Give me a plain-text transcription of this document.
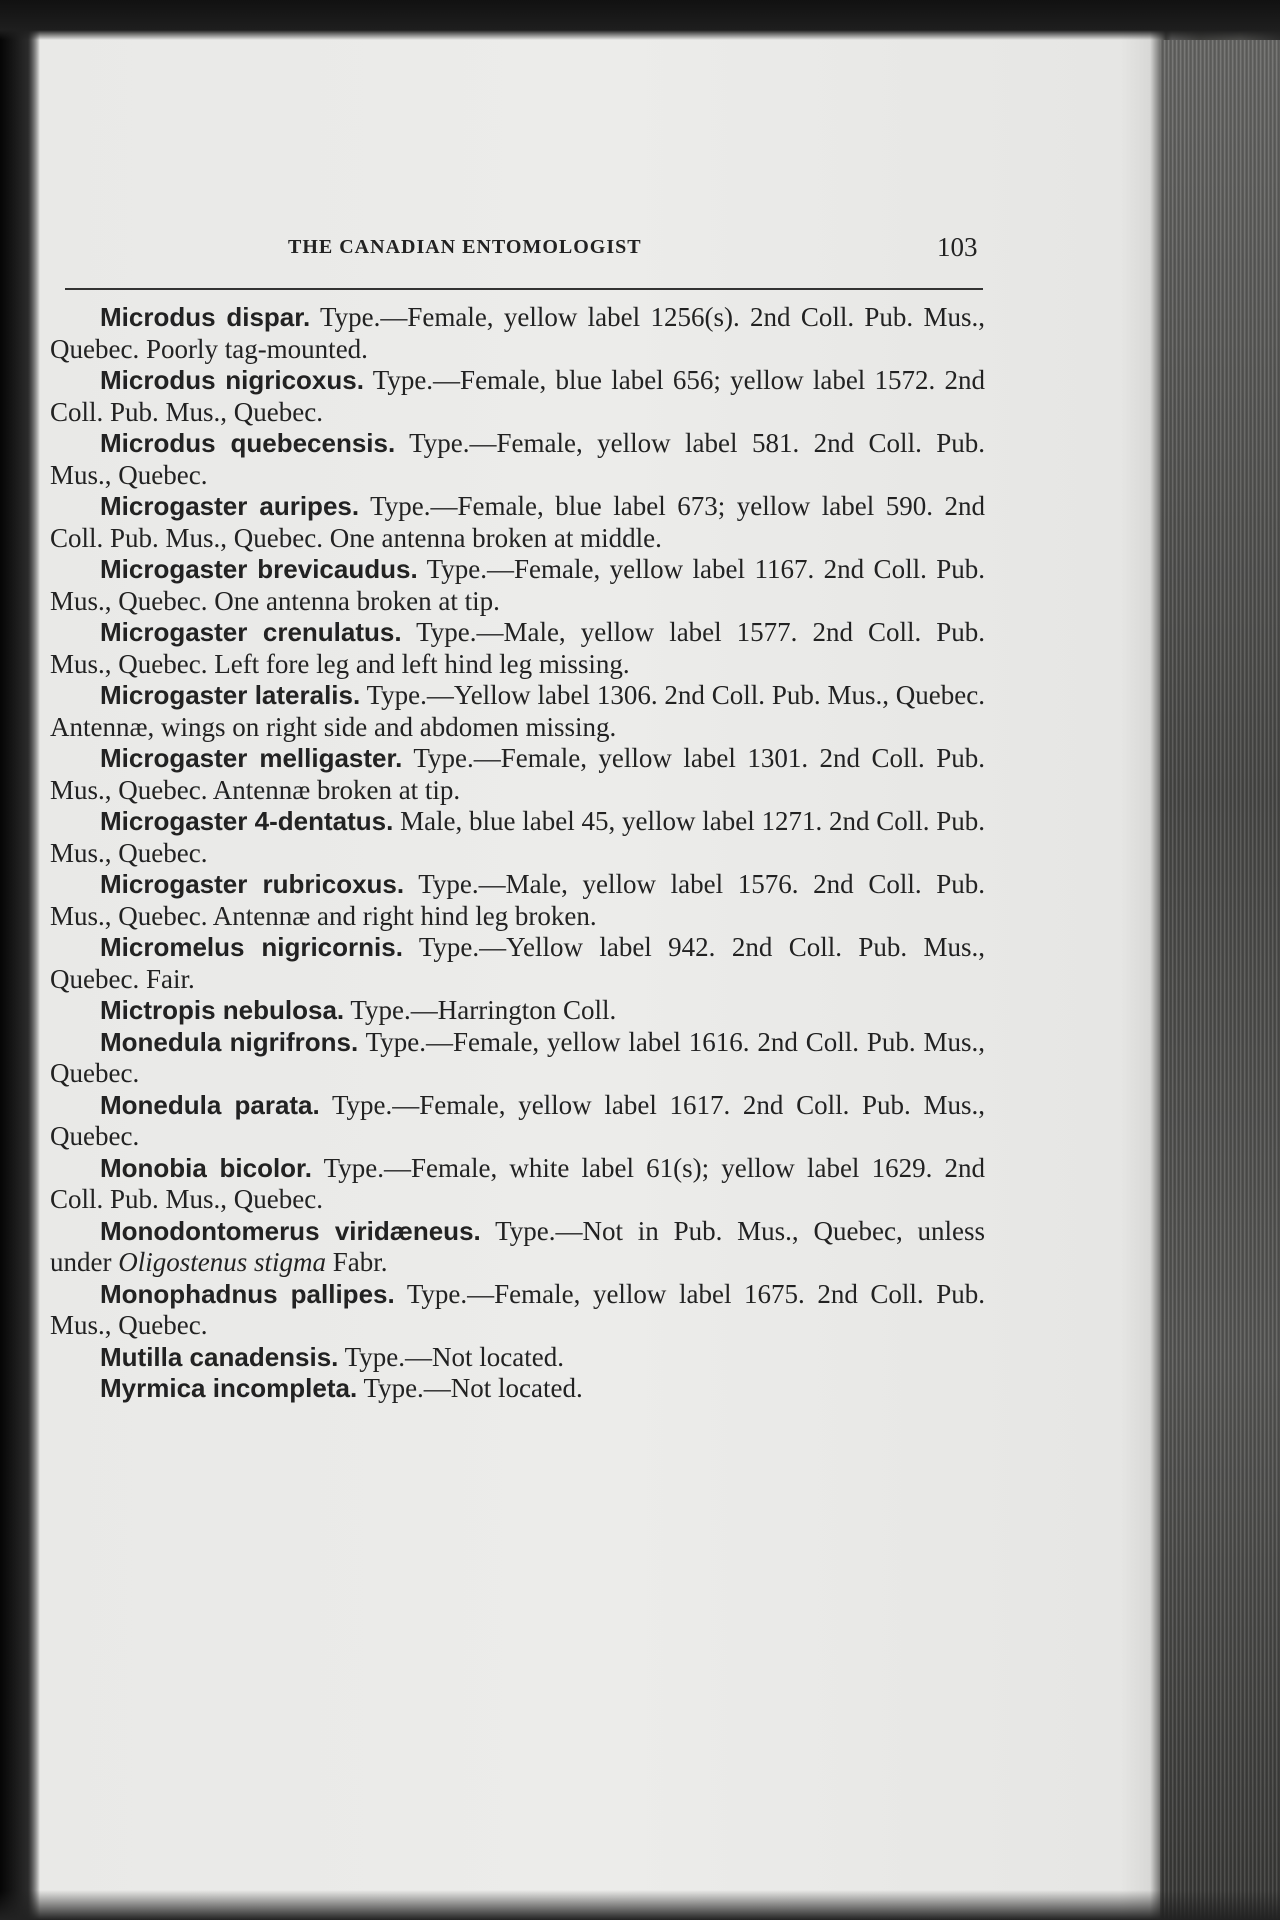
THE CANADIAN ENTOMOLOGIST	103

Microdus dispar. Type.—Female, yellow label 1256(s). 2nd Coll. Pub. Mus., Quebec. Poorly tag-mounted.

Microdus nigricoxus. Type.—Female, blue label 656; yellow label 1572. 2nd Coll. Pub. Mus., Quebec.

Microdus quebecensis. Type.—Female, yellow label 581. 2nd Coll. Pub. Mus., Quebec.

Microgaster auripes. Type.—Female, blue label 673; yellow label 590. 2nd Coll. Pub. Mus., Quebec. One antenna broken at middle.

Microgaster brevicaudus. Type.—Female, yellow label 1167. 2nd Coll. Pub. Mus., Quebec. One antenna broken at tip.

Microgaster crenulatus. Type.—Male, yellow label 1577. 2nd Coll. Pub. Mus., Quebec. Left fore leg and left hind leg missing.

Microgaster lateralis. Type.—Yellow label 1306. 2nd Coll. Pub. Mus., Quebec. Antennæ, wings on right side and abdomen missing.

Microgaster melligaster. Type.—Female, yellow label 1301. 2nd Coll. Pub. Mus., Quebec. Antennæ broken at tip.

Microgaster 4-dentatus. Male, blue label 45, yellow label 1271. 2nd Coll. Pub. Mus., Quebec.

Microgaster rubricoxus. Type.—Male, yellow label 1576. 2nd Coll. Pub. Mus., Quebec. Antennæ and right hind leg broken.

Micromelus nigricornis. Type.—Yellow label 942. 2nd Coll. Pub. Mus., Quebec. Fair.

Mictropis nebulosa. Type.—Harrington Coll.

Monedula nigrifrons. Type.—Female, yellow label 1616. 2nd Coll. Pub. Mus., Quebec.

Monedula parata. Type.—Female, yellow label 1617. 2nd Coll. Pub. Mus., Quebec.

Monobia bicolor. Type.—Female, white label 61(s); yellow label 1629. 2nd Coll. Pub. Mus., Quebec.

Monodontomerus viridæneus. Type.—Not in Pub. Mus., Quebec, unless under Oligostenus stigma Fabr.

Monophadnus pallipes. Type.—Female, yellow label 1675. 2nd Coll. Pub. Mus., Quebec.

Mutilla canadensis. Type.—Not located.

Myrmica incompleta. Type.—Not located.
